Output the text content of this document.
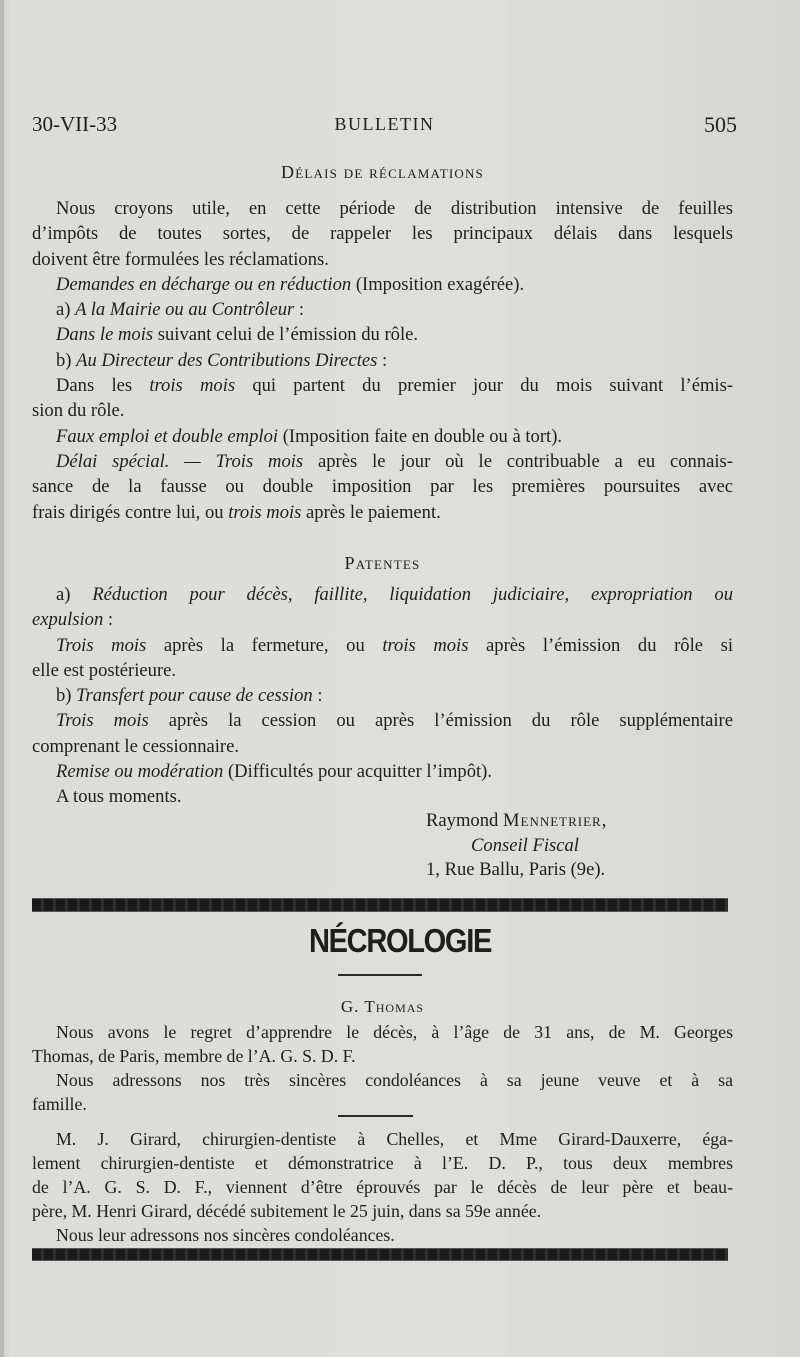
30-VII-33	BULLETIN	505
Délais de réclamations
Nous croyons utile, en cette période de distribution intensive de feuilles
d’impôts de toutes sortes, de rappeler les principaux délais dans lesquels
doivent être formulées les réclamations.
Demandes en décharge ou en réduction (Imposition exagérée).
a) A la Mairie ou au Contrôleur :
Dans le mois suivant celui de l’émission du rôle.
b) Au Directeur des Contributions Directes :
Dans les trois mois qui partent du premier jour du mois suivant l’émis-
sion du rôle.
Faux emploi et double emploi (Imposition faite en double ou à tort).
Délai spécial. — Trois mois après le jour où le contribuable a eu connais-
sance de la fausse ou double imposition par les premières poursuites avec
frais dirigés contre lui, ou trois mois après le paiement.
Patentes
a) Réduction pour décès, faillite, liquidation judiciaire, expropriation ou
expulsion :
Trois mois après la fermeture, ou trois mois après l’émission du rôle si
elle est postérieure.
b) Transfert pour cause de cession :
Trois mois après la cession ou après l’émission du rôle supplémentaire
comprenant le cessionnaire.
Remise ou modération (Difficultés pour acquitter l’impôt).
A tous moments.
Raymond Mennetrier,
Conseil Fiscal
1, Rue Ballu, Paris (9e).
NÉCROLOGIE
G. Thomas
Nous avons le regret d’apprendre le décès, à l’âge de 31 ans, de M. Georges
Thomas, de Paris, membre de l’A. G. S. D. F.
Nous adressons nos très sincères condoléances à sa jeune veuve et à sa
famille.
M. J. Girard, chirurgien-dentiste à Chelles, et Mme Girard-Dauxerre, éga-
lement chirurgien-dentiste et démonstratrice à l’E. D. P., tous deux membres
de l’A. G. S. D. F., viennent d’être éprouvés par le décès de leur père et beau-
père, M. Henri Girard, décédé subitement le 25 juin, dans sa 59e année.
Nous leur adressons nos sincères condoléances.
